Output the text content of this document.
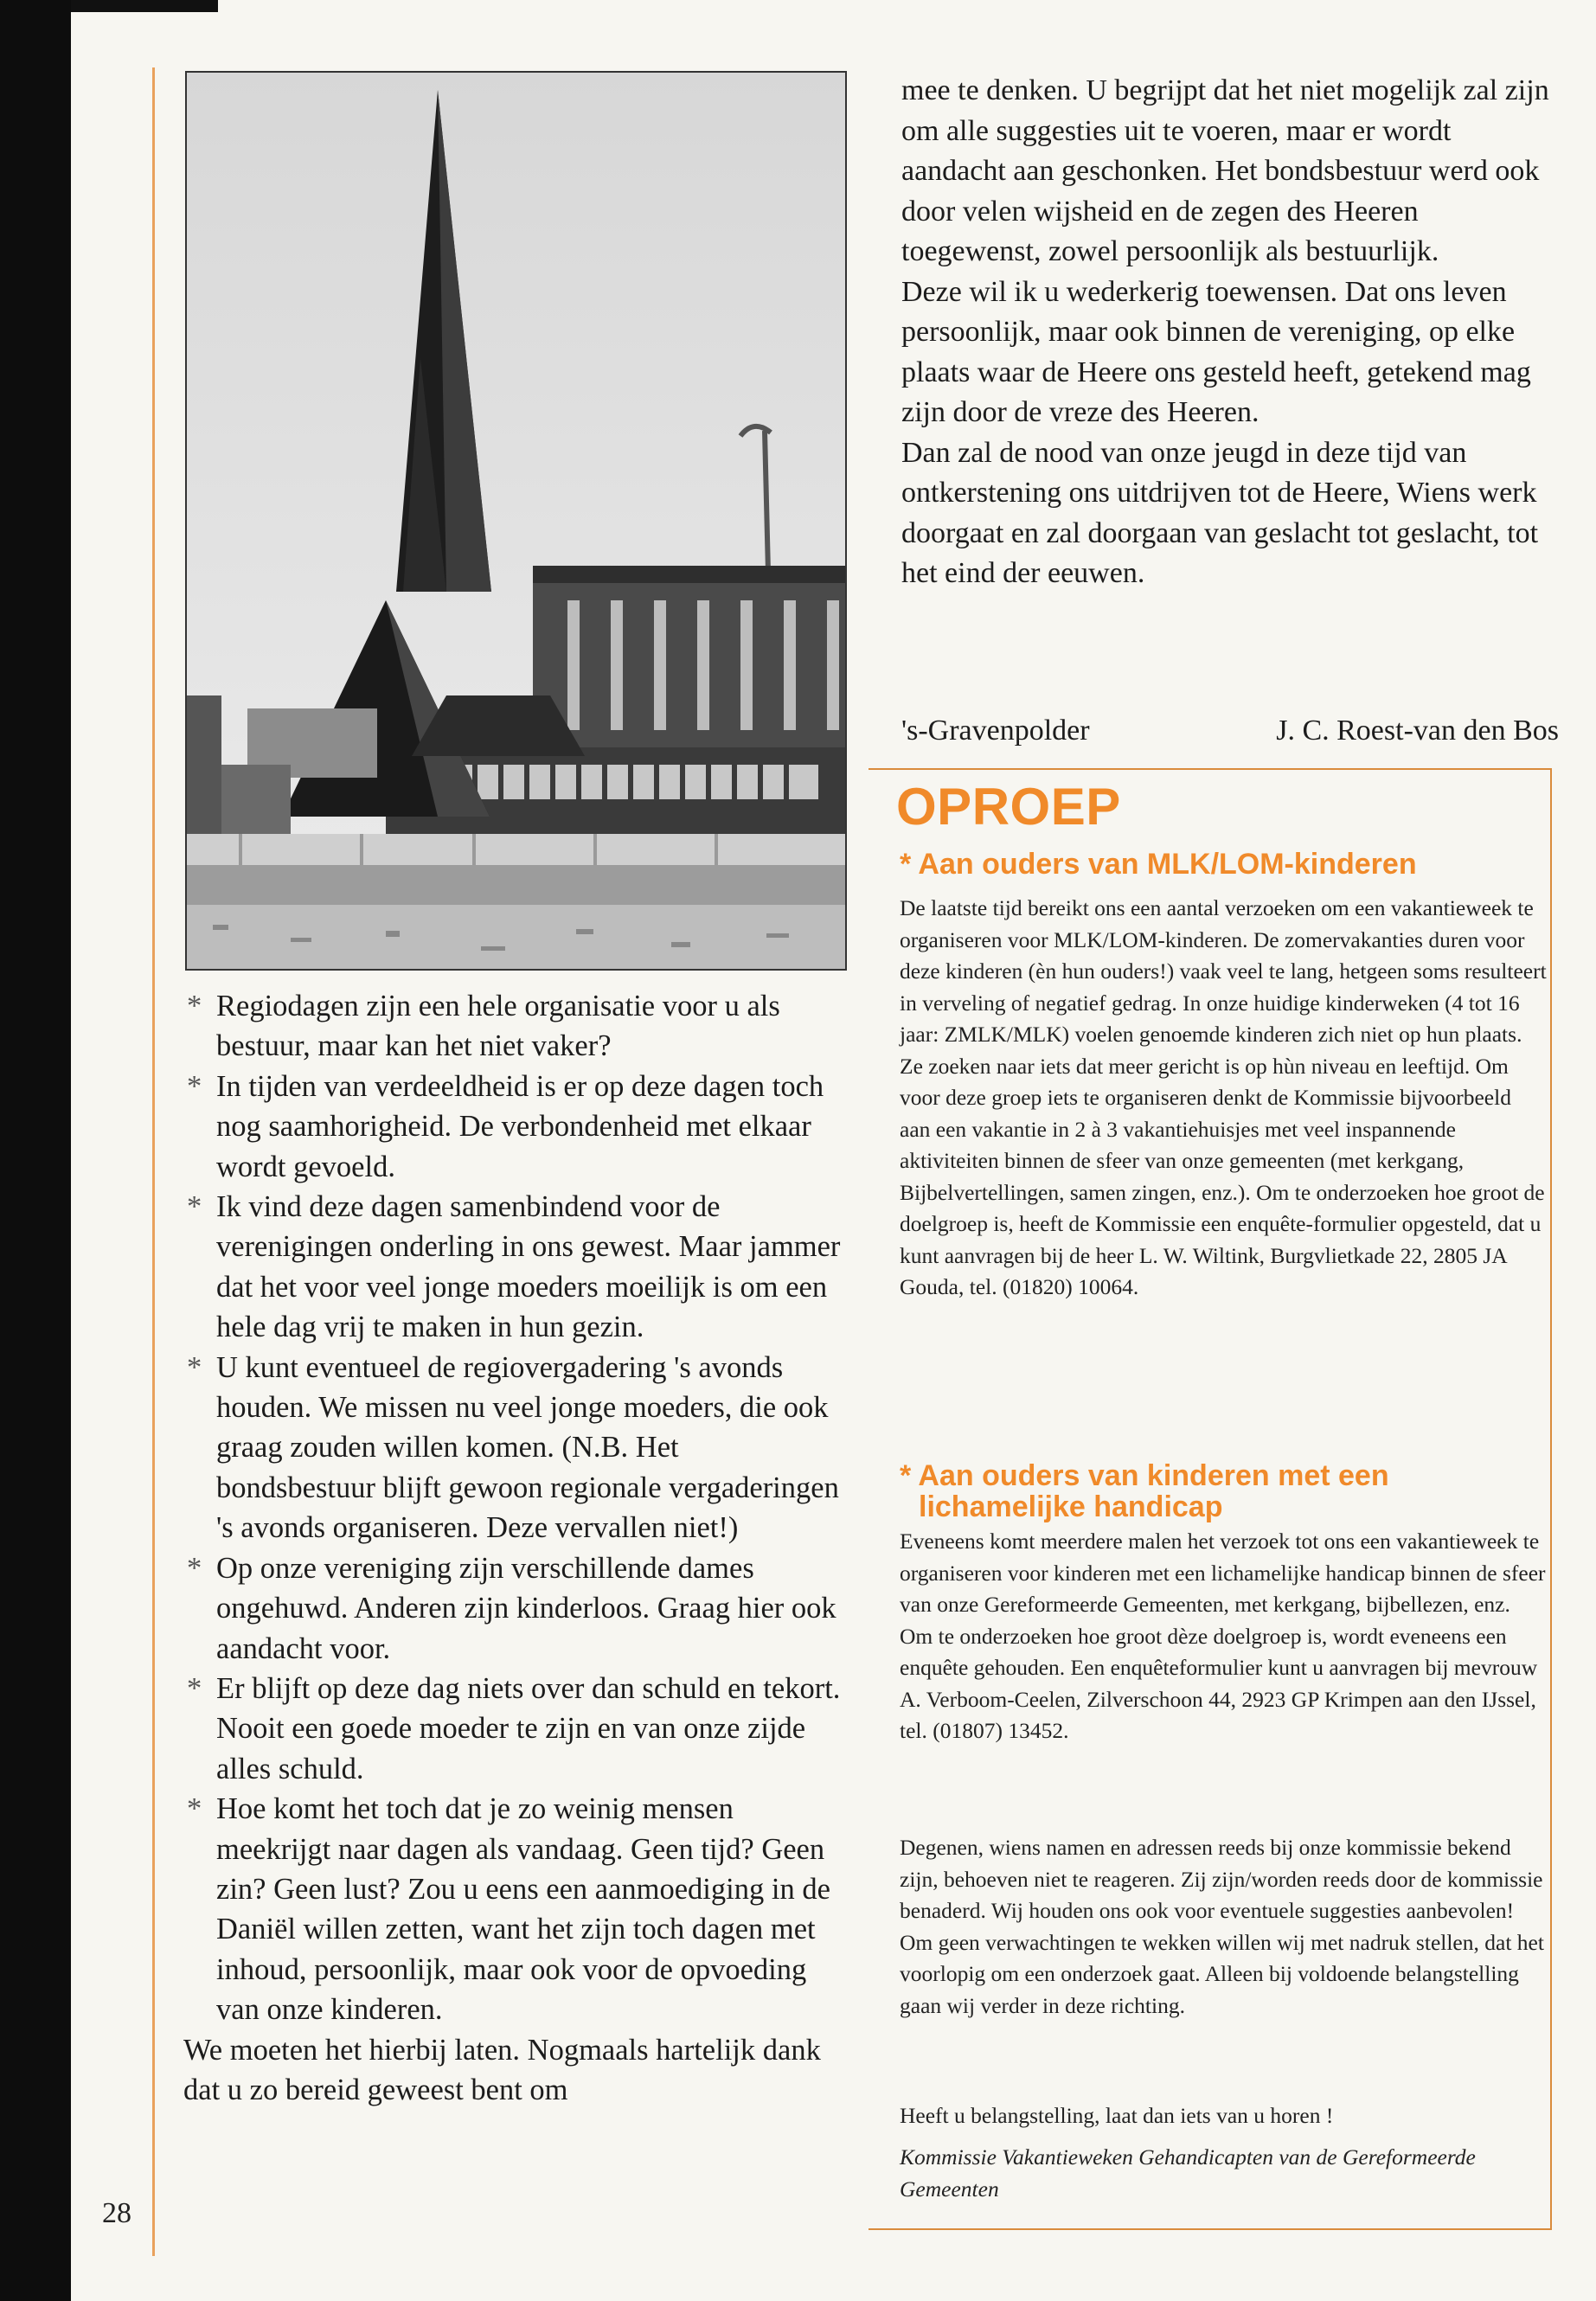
28
* Regiodagen zijn een hele organisatie voor u als bestuur, maar kan het niet vaker?
* In tijden van verdeeldheid is er op deze dagen toch nog saamhorigheid. De verbondenheid met elkaar wordt gevoeld.
* Ik vind deze dagen samenbindend voor de verenigingen onderling in ons gewest. Maar jammer dat het voor veel jonge moeders moeilijk is om een hele dag vrij te maken in hun gezin.
* U kunt eventueel de regiovergadering 's avonds houden. We missen nu veel jonge moeders, die ook graag zouden willen komen. (N.B. Het bondsbestuur blijft gewoon regionale vergaderingen 's avonds organiseren. Deze vervallen niet!)
* Op onze vereniging zijn verschillende dames ongehuwd. Anderen zijn kinderloos. Graag hier ook aandacht voor.
* Er blijft op deze dag niets over dan schuld en tekort. Nooit een goede moeder te zijn en van onze zijde alles schuld.
* Hoe komt het toch dat je zo weinig mensen meekrijgt naar dagen als vandaag. Geen tijd? Geen zin? Geen lust? Zou u eens een aanmoediging in de Daniël willen zetten, want het zijn toch dagen met inhoud, persoonlijk, maar ook voor de opvoeding van onze kinderen.

We moeten het hierbij laten. Nogmaals hartelijk dank dat u zo bereid geweest bent om

mee te denken. U begrijpt dat het niet mogelijk zal zijn om alle suggesties uit te voeren, maar er wordt aandacht aan geschonken. Het bondsbestuur werd ook door velen wijsheid en de zegen des Heeren toegewenst, zowel persoonlijk als bestuurlijk.

Deze wil ik u wederkerig toewensen. Dat ons leven persoonlijk, maar ook binnen de vereniging, op elke plaats waar de Heere ons gesteld heeft, getekend mag zijn door de vreze des Heeren.

Dan zal de nood van onze jeugd in deze tijd van ontkerstening ons uitdrijven tot de Heere, Wiens werk doorgaat en zal doorgaan van geslacht tot geslacht, tot het eind der eeuwen.

's-Gravenpolder	J. C. Roest-van den Bos
OPROEP
* Aan ouders van MLK/LOM-kinderen

De laatste tijd bereikt ons een aantal verzoeken om een vakantieweek te organiseren voor MLK/LOM-kinderen. De zomervakanties duren voor deze kinderen (èn hun ouders!) vaak veel te lang, hetgeen soms resulteert in verveling of negatief gedrag. In onze huidige kinderweken (4 tot 16 jaar: ZMLK/MLK) voelen genoemde kinderen zich niet op hun plaats. Ze zoeken naar iets dat meer gericht is op hùn niveau en leeftijd. Om voor deze groep iets te organiseren denkt de Kommissie bijvoorbeeld aan een vakantie in 2 à 3 vakantiehuisjes met veel inspannende aktiviteiten binnen de sfeer van onze gemeenten (met kerkgang, Bijbelvertellingen, samen zingen, enz.). Om te onderzoeken hoe groot de doelgroep is, heeft de Kommissie een enquête-formulier opgesteld, dat u kunt aanvragen bij de heer L. W. Wiltink, Burgvlietkade 22, 2805 JA Gouda, tel. (01820) 10064.

* Aan ouders van kinderen met een lichamelijke handicap

Eveneens komt meerdere malen het verzoek tot ons een vakantieweek te organiseren voor kinderen met een lichamelijke handicap binnen de sfeer van onze Gereformeerde Gemeenten, met kerkgang, bijbellezen, enz. Om te onderzoeken hoe groot dèze doelgroep is, wordt eveneens een enquête gehouden. Een enquêteformulier kunt u aanvragen bij mevrouw A. Verboom-Ceelen, Zilverschoon 44, 2923 GP Krimpen aan den IJssel, tel. (01807) 13452.

Degenen, wiens namen en adressen reeds bij onze kommissie bekend zijn, behoeven niet te reageren. Zij zijn/worden reeds door de kommissie benaderd. Wij houden ons ook voor eventuele suggesties aanbevolen! Om geen verwachtingen te wekken willen wij met nadruk stellen, dat het voorlopig om een onderzoek gaat. Alleen bij voldoende belangstelling gaan wij verder in deze richting.

Heeft u belangstelling, laat dan iets van u horen !

Kommissie Vakantieweken Gehandicapten van de Gereformeerde Gemeenten
